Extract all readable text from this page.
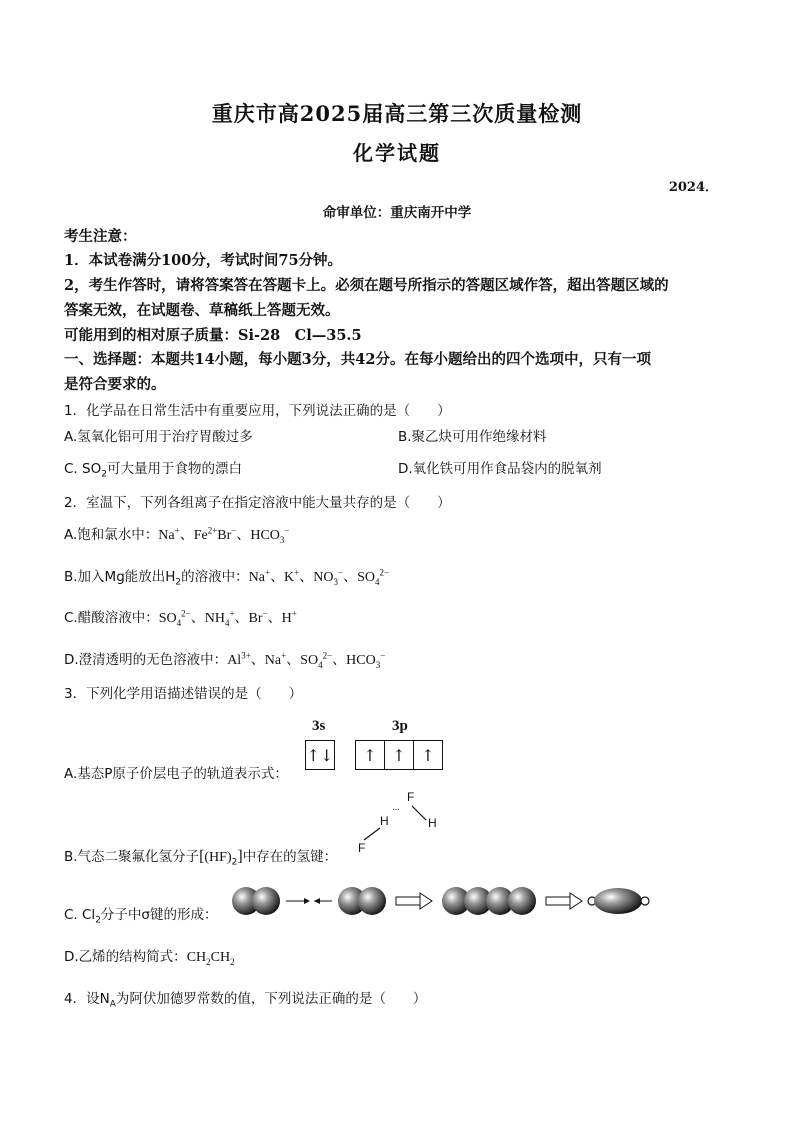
重庆市高2025届高三第三次质量检测
化学试题
2024．
命审单位：重庆南开中学
考生注意：
1．本试卷满分100分，考试时间75分钟。
2，考生作答时，请将答案答在答题卡上。必须在题号所指示的答题区域作答，超出答题区域的
答案无效，在试题卷、草稿纸上答题无效。
可能用到的相对原子质量：Si-28　Cl—35.5
一、选择题：本题共14小题，每小题3分，共42分。在每小题给出的四个选项中，只有一项
是符合要求的。
1．化学品在日常生活中有重要应用，下列说法正确的是（　　）
A.氢氧化铝可用于治疗胃酸过多	B.聚乙炔可用作绝缘材料
C. $SO_2$可大量用于食物的漂白	D.氧化铁可用作食品袋内的脱氧剂
2．室温下，下列各组离子在指定溶液中能大量共存的是（　　）
A.饱和氯水中：Na+、$Fe^{2+}Br^-$、$HCO_3^-$
B.加入Mg能放出$H_2$的溶液中：Na+、K+、$NO_3^-$、$SO_4^{2-}$
C.醋酸溶液中：$SO_4^{2-}$、$NH_4^+$、Br−、H+
D.澄清透明的无色溶液中：$Al^{3+}$、Na+、$SO_4^{2-}$、$HCO_3^-$
3．下列化学用语描述错误的是（　　）
A.基态P原子价层电子的轨道表示式：
3s	3p
↑↓	↑ ↑ ↑
B.气态二聚氟化氢分子$[(HF)_2]$中存在的氢键：
F
H
H
···
F
C. $Cl_2$分子中σ键的形成：
D.乙烯的结构简式：$CH_2CH_2$
4．设$N_A$为阿伏加德罗常数的值，下列说法正确的是（　　）
